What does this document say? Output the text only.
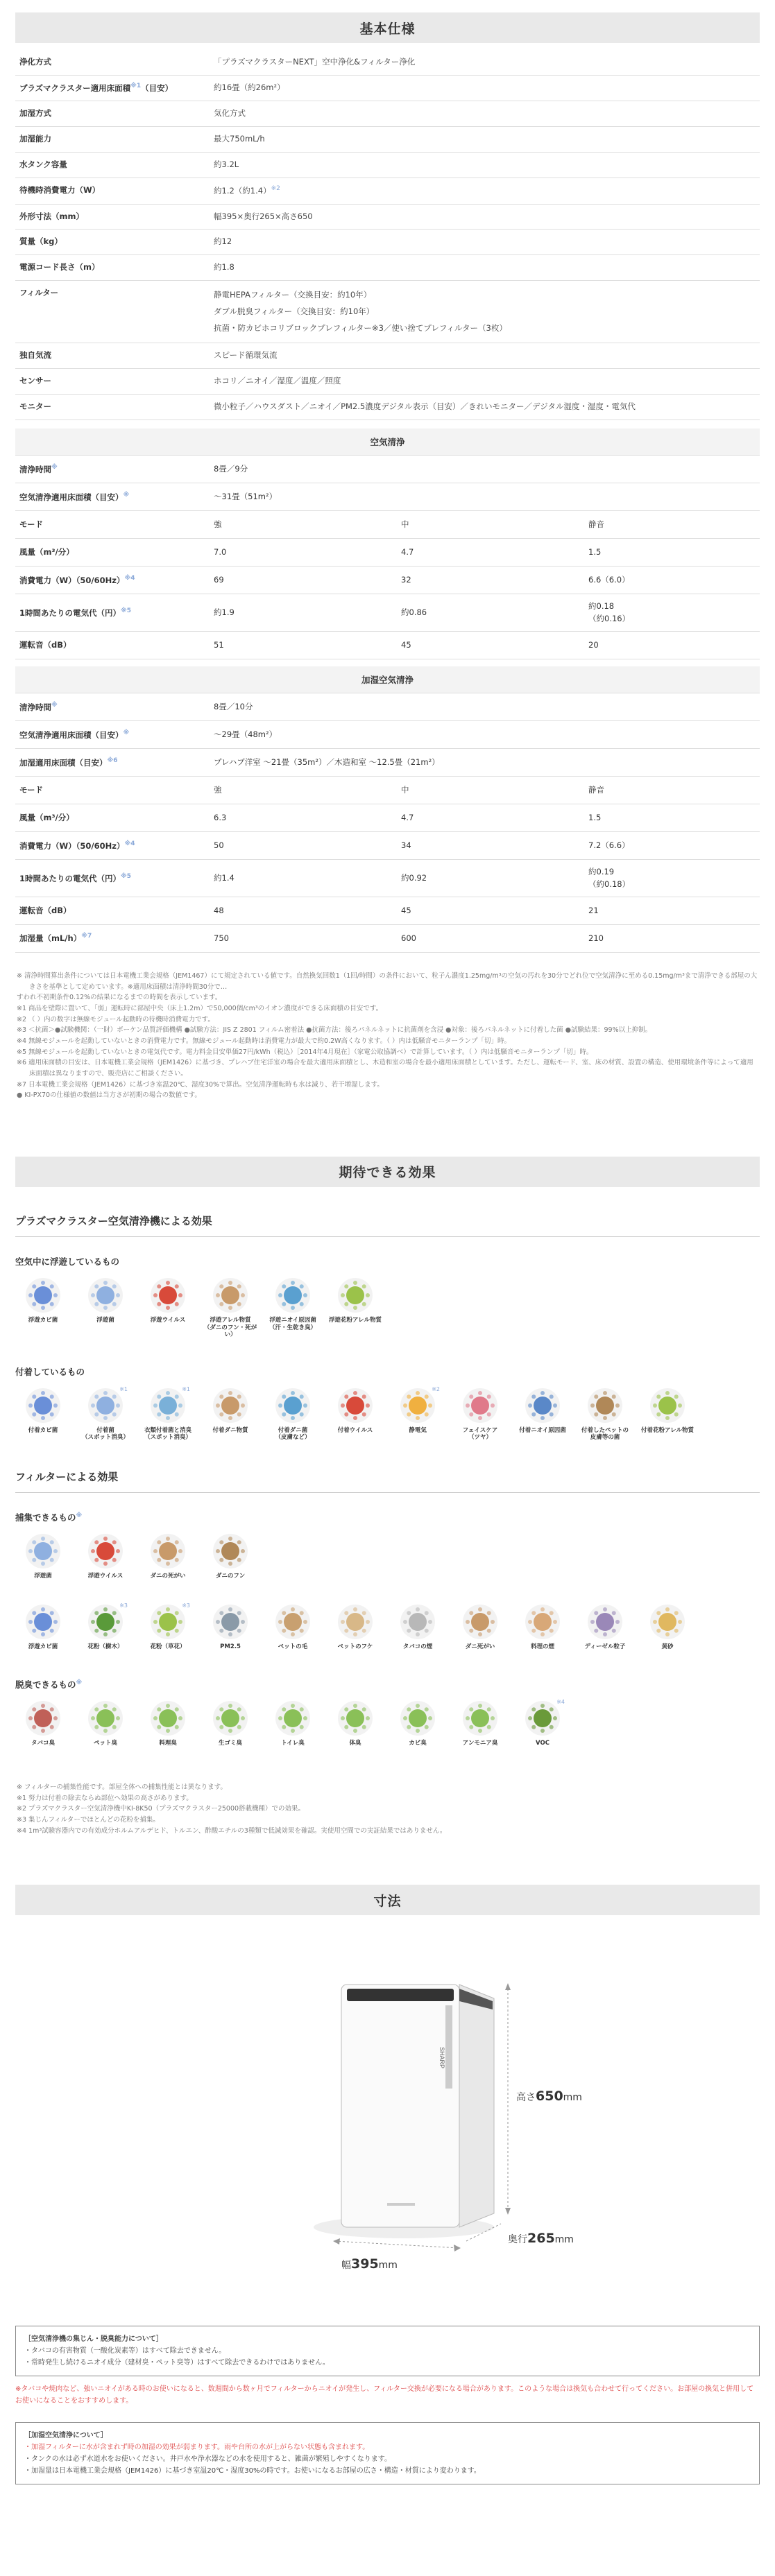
基本仕様
浄化方式	「プラズマクラスターNEXT」空中浄化&フィルター浄化
プラズマクラスター適用床面積$^{※1}$（目安）	約16畳（約26m²）
加湿方式	気化方式
加湿能力	最大750mL/h
水タンク容量	約3.2L
待機時消費電力（W）	約1.2（約1.4）$^{※2}$
外形寸法（mm）	幅395×奥行265×高さ650
質量（kg）	約12
電源コード長さ（m）	約1.8
フィルター	静電HEPAフィルター（交換目安：約10年）
ダブル脱臭フィルター（交換目安：約10年）
抗菌・防カビホコリブロックプレフィルター※3／使い捨てプレフィルター（3枚）

独自気流	スピード循環気流
センサー	ホコリ／ニオイ／湿度／温度／照度
モニター	微小粒子／ハウスダスト／ニオイ／PM2.5濃度デジタル表示（目安）／きれいモニター／デジタル湿度・湿度・電気代
空気清浄
清浄時間※	8畳／9分		
空気清浄適用床面積（目安）※	〜31畳（51m²）		
モード	強	中	静音
風量（m³/分）	7.0	4.7	1.5
消費電力$(W)(50/60Hz)^{※4}$	69	32	6.6（6.0）
1時間あたりの電気代（円）$^{※5}$	約1.9	約0.86	約0.18
（約0.16）
運転音（dB）	51	45	20
加湿空気清浄
清浄時間※	8畳／10分		
空気清浄適用床面積（目安）※	〜29畳（48m²）		
加湿適用床面積（目安）$^{※6}$	プレハブ洋室 〜21畳（35m²）／木造和室 〜12.5畳（21m²）		
モード	強	中	静音
風量（m³/分）	6.3	4.7	1.5
消費電力$(W)(50/60Hz)^{※4}$	50	34	7.2（6.6）
1時間あたりの電気代（円）$^{※5}$	約1.4	約0.92	約0.19
（約0.18）
運転音（dB）	48	45	21
加湿量$(mL/h)^{※7}$	750	600	210
※ 清浄時間算出条件については日本電機工業会規格（JEM1467）にて規定されている値です。自然換気回数1（1回/時間）の条件において、粒子ん濃度1.25mg/m³の空気の汚れを30分でどれ位で空気清浄に至める0.15mg/m³まで清浄できる部屋の大きさを基準として定めています。※適用床面積は清浄時間30分で…
すわれ不初期条件0.12%の結果になるまでの時間を表示しています。
※1 商品を壁際に置いて、「弱」運転時に部屋中央（床上1.2m）で50,000個/cm³のイオン濃度ができる床面積の目安です。
※2 （ ）内の数字は無線モジュール起動時の待機時消費電力です。
※3 ＜抗菌＞●試験機関：（一財）ボーケン品質評価機構 ●試験方法：JIS Z 2801 フィルム密着法 ●抗菌方法：後ろパネルネットに抗菌剤を含浸 ●対象：後ろパネルネットに付着した菌 ●試験結果：99%以上抑制。
※4 無線モジュールを起動していないときの消費電力です。無線モジュール起動時は消費電力が最大で約0.2W高くなります。（ ）内は低騒音モニターランプ「切」時。
※5 無線モジュールを起動していないときの電気代です。電力料金目安単価27円/kWh（税込）［2014年4月現在］（家電公取協調べ）で計算しています。（ ）内は低騒音モニターランプ「切」時。
※6 適用床面積の目安は、日本電機工業会規格（JEM1426）に基づき、プレハブ住宅洋室の場合を最大適用床面積とし、木造和室の場合を最小適用床面積としています。ただし、運転モード、室、床の材質、設置の構造、使用環境条件等によって適用床面積は異なりますので、販売店にご相談ください。
※7 日本電機工業会規格（JEM1426）に基づき室温20℃、湿度30%で算出。空気清浄運転時も水は減り、若干増湿します。
● KI-PX70の仕様値の数値は当方さが初期の場合の数値です。
期待できる効果
プラズマクラスター空気清浄機による効果
空気中に浮遊しているもの
浮遊カビ菌	浮遊菌	浮遊ウイルス	浮遊アレル物質
（ダニのフン・死がい）
浮遊ニオイ原因菌
（汗・生乾き臭）
浮遊花粉アレル物質
付着しているもの
付着カビ菌
※1
付着菌
（スポット消臭）
※1
衣類付着菌と消臭
（スポット消臭）
付着ダニ物質	付着ダニ菌
（皮膚など）
付着ウイルス
※2
静電気	フェイスケア
（ツヤ）
付着ニオイ原因菌	付着したペットの
皮膚等の菌
付着花粉アレル物質
フィルターによる効果
捕集できるもの※
浮遊菌	浮遊ウイルス	ダニの死がい	ダニのフン
浮遊カビ菌
※3
花粉（樹木）
※3
花粉（草花）	PM2.5	ペットの毛	ペットのフケ	タバコの煙	ダニ死がい	料理の煙	ディーゼル粒子	黄砂
脱臭できるもの※
タバコ臭	ペット臭	料理臭	生ゴミ臭	トイレ臭	体臭	カビ臭	アンモニア臭
※4
VOC
※ フィルターの捕集性能です。部屋全体への捕集性能とは異なります。
※1 努力は付着の除去ならぬ部位へ効果の高さがあります。
※2 プラズマクラスター空気清浄機中KI-8K50（プラズマクラスター25000搭載機種）での効果。
※3 集じんフィルターでほとんどの花粉を捕集。
※4 1m³試験容器内での有効成分ホルムアルデヒド、トルエン、酢酸エチルの3種類で低減効果を確認。実使用空間での実証結果ではありません。
寸法
SHARP
高さ650mm
奥行265mm
幅395mm
［空気清浄機の集じん・脱臭能力について］
・タバコの有害物質（一酸化炭素等）はすべて除去できません。
・常時発生し続けるニオイ成分（建材臭・ペット臭等）はすべて除去できるわけではありません。
※タバコや焼肉など、強いニオイがある時のお使いになると、数週間から数ヶ月でフィルターからニオイが発生し、フィルター交換が必要になる場合があります。このような場合は換気も合わせて行ってください。お部屋の換気と併用してお使いになることをおすすめします。
［加湿空気清浄について］
・加湿フィルターに水が含まれず時の加湿の効果が弱まります。雨や台所の水が上がらない状態も含まれます。
・タンクの水は必ず水道水をお使いください。井戸水や浄水器などの水を使用すると、雑菌が繁殖しやすくなります。
・加湿量は日本電機工業会規格（JEM1426）に基づき室温20℃・湿度30%の時です。お使いになるお部屋の広さ・構造・材質により変わります。
